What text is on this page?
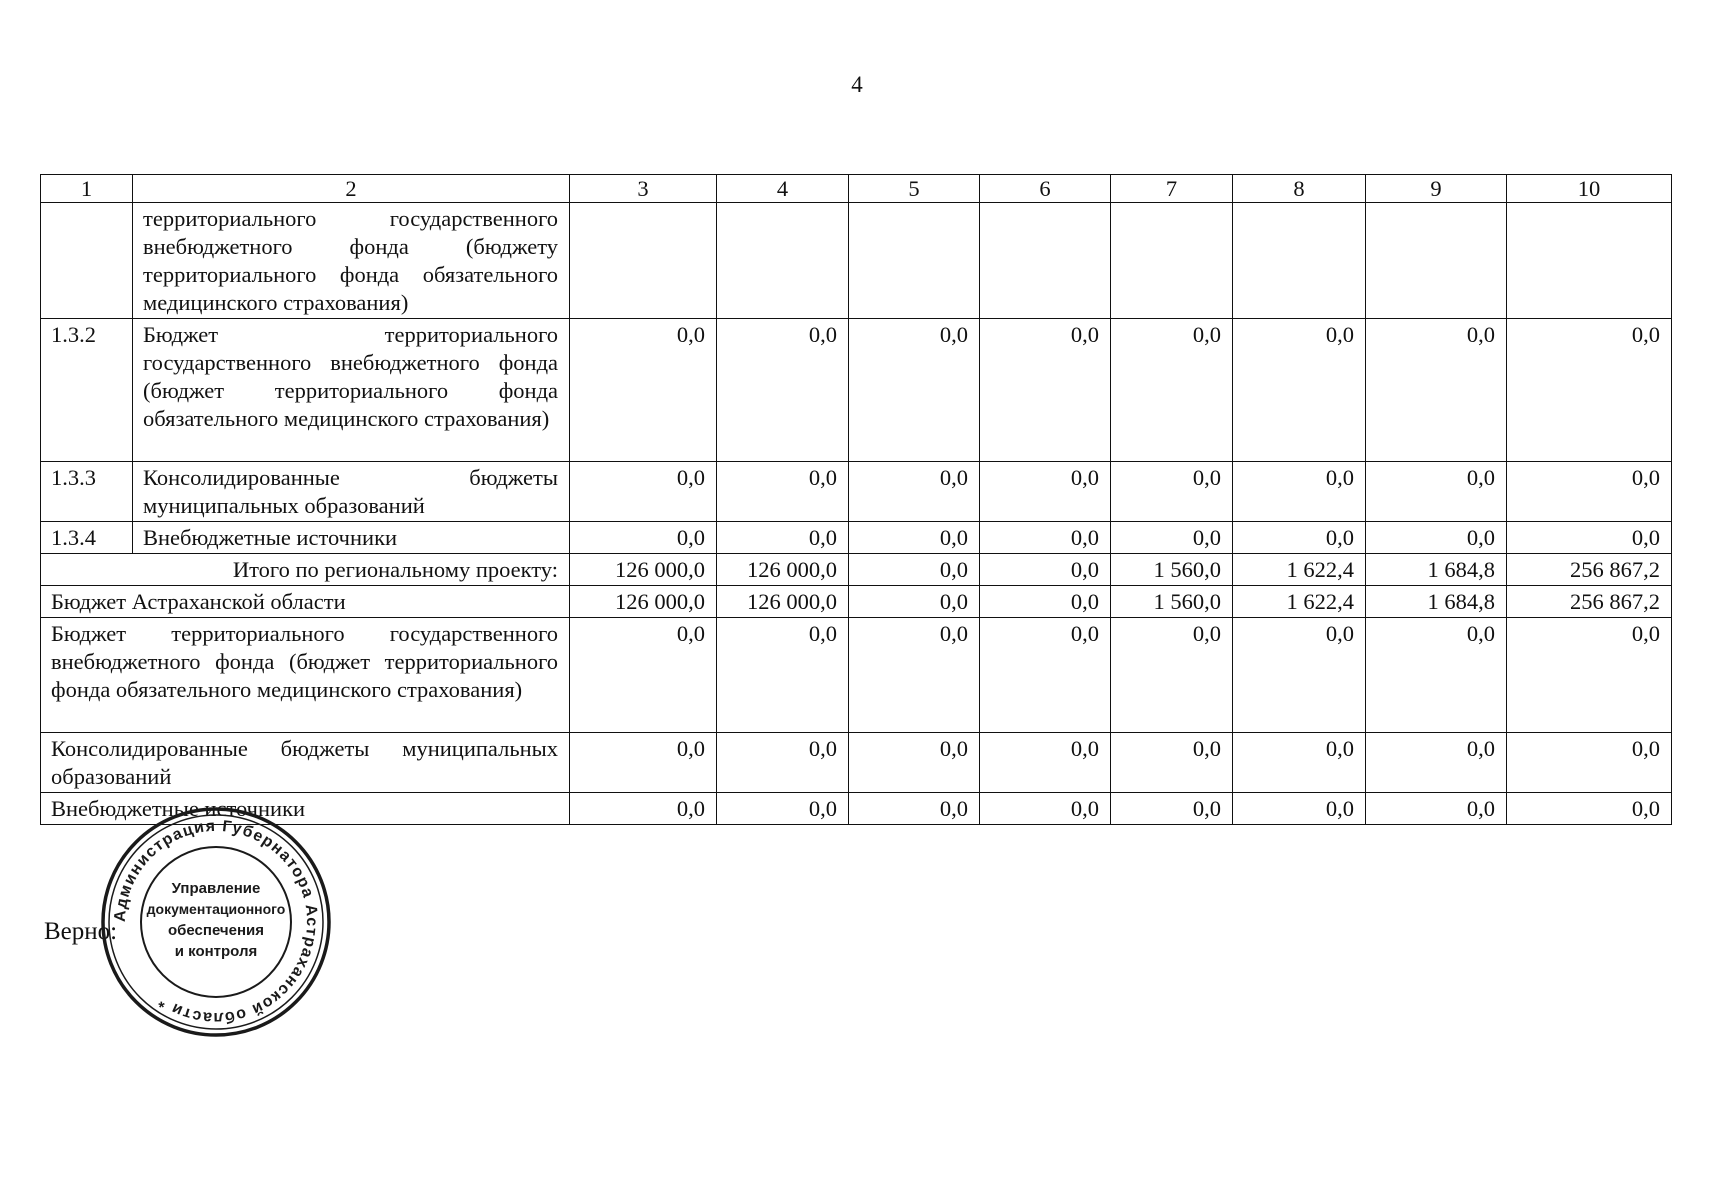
4
1	2	3	4	5	6	7	8	9	10
	территориального государственного внебюджетного фонда (бюджету территориального фонда обязательного медицинского страхования)								
1.3.2	Бюджет территориального государственного внебюджетного фонда (бюджет территориального фонда обязательного медицинского страхования)	0,0	0,0	0,0	0,0	0,0	0,0	0,0	0,0
1.3.3	Консолидированные бюджеты муниципальных образований	0,0	0,0	0,0	0,0	0,0	0,0	0,0	0,0
1.3.4	Внебюджетные источники	0,0	0,0	0,0	0,0	0,0	0,0	0,0	0,0
Итого по региональному проекту:		126 000,0	126 000,0	0,0	0,0	1 560,0	1 622,4	1 684,8	256 867,2
Бюджет Астраханской области		126 000,0	126 000,0	0,0	0,0	1 560,0	1 622,4	1 684,8	256 867,2
Бюджет территориального государственного внебюджетного фонда (бюджет территориального фонда обязательного медицинского страхования)		0,0	0,0	0,0	0,0	0,0	0,0	0,0	0,0
Консолидированные бюджеты муниципальных образований		0,0	0,0	0,0	0,0	0,0	0,0	0,0	0,0
Внебюджетные источники		0,0	0,0	0,0	0,0	0,0	0,0	0,0	0,0
Верно:
Администрация Губернатора Астраханской области *
Управление
документационного
обеспечения
и контроля
